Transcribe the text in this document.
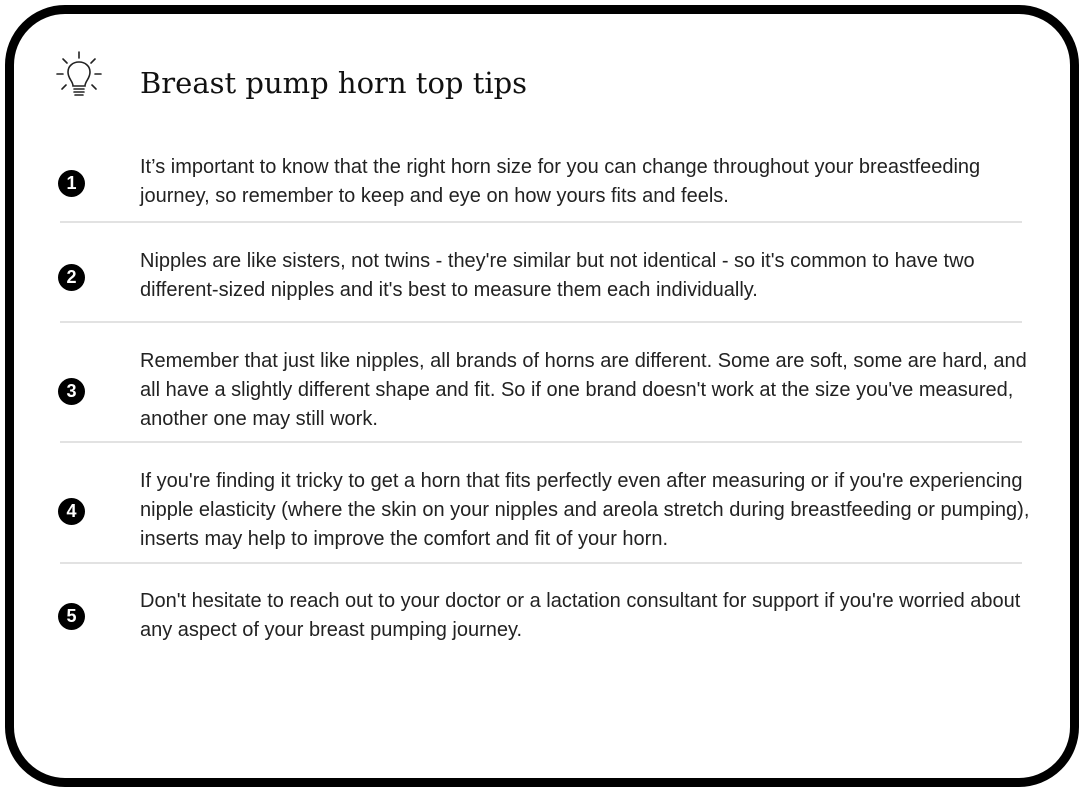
Breast pump horn top tips
1
It’s important to know that the right horn size for you can change throughout your breastfeeding journey, so remember to keep and eye on how yours fits and feels.
2
Nipples are like sisters, not twins - they're similar but not identical - so it's common to have two different-sized nipples and it's best to measure them each individually.
3
Remember that just like nipples, all brands of horns are different. Some are soft, some are hard, and all have a slightly different shape and fit. So if one brand doesn't work at the size you've measured, another one may still work.
4
If you're finding it tricky to get a horn that fits perfectly even after measuring or if you're experiencing nipple elasticity (where the skin on your nipples and areola stretch during breastfeeding or pumping), inserts may help to improve the comfort and fit of your horn.
5
Don't hesitate to reach out to your doctor or a lactation consultant for support if you're worried about any aspect of your breast pumping journey.
